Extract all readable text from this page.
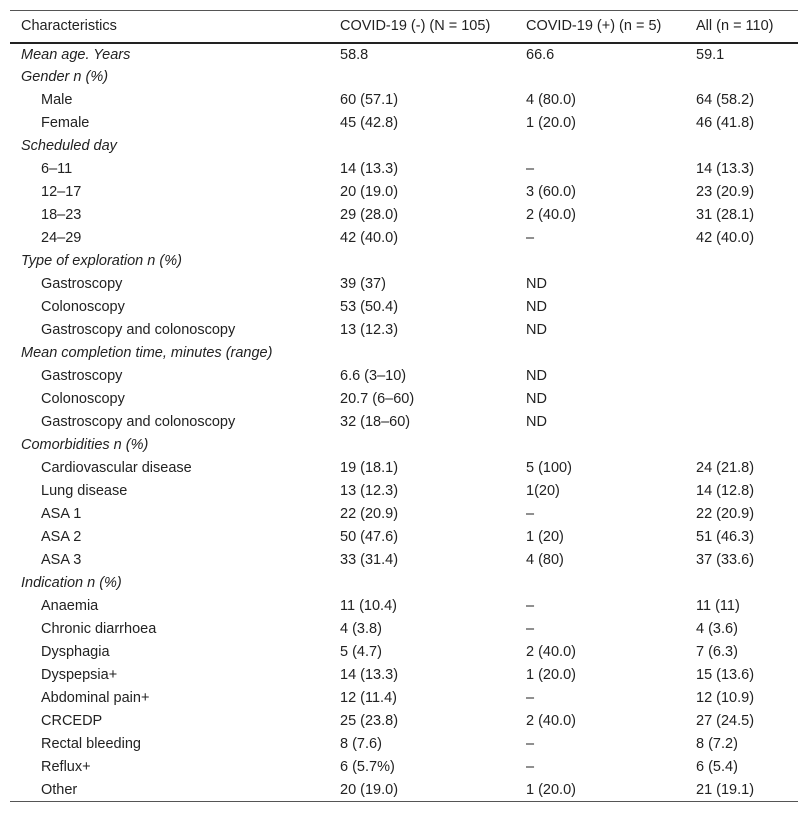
Characteristics	COVID-19 (-) (N = 105)	COVID-19 (+) (n = 5)	All (n = 110)
Mean age. Years	58.8	66.6	59.1
Gender n (%)			
Male	60 (57.1)	4 (80.0)	64 (58.2)
Female	45 (42.8)	1 (20.0)	46 (41.8)
Scheduled day			
6–11	14 (13.3)	–	14 (13.3)
12–17	20 (19.0)	3 (60.0)	23 (20.9)
18–23	29 (28.0)	2 (40.0)	31 (28.1)
24–29	42 (40.0)	–	42 (40.0)
Type of exploration n (%)			
Gastroscopy	39 (37)	ND	
Colonoscopy	53 (50.4)	ND	
Gastroscopy and colonoscopy	13 (12.3)	ND	
Mean completion time, minutes (range)			
Gastroscopy	6.6 (3–10)	ND	
Colonoscopy	20.7 (6–60)	ND	
Gastroscopy and colonoscopy	32 (18–60)	ND	
Comorbidities n (%)			
Cardiovascular disease	19 (18.1)	5 (100)	24 (21.8)
Lung disease	13 (12.3)	1(20)	14 (12.8)
ASA 1	22 (20.9)	–	22 (20.9)
ASA 2	50 (47.6)	1 (20)	51 (46.3)
ASA 3	33 (31.4)	4 (80)	37 (33.6)
Indication n (%)			
Anaemia	11 (10.4)	–	11 (11)
Chronic diarrhoea	4 (3.8)	–	4 (3.6)
Dysphagia	5 (4.7)	2 (40.0)	7 (6.3)
Dyspepsia+	14 (13.3)	1 (20.0)	15 (13.6)
Abdominal pain+	12 (11.4)	–	12 (10.9)
CRCEDP	25 (23.8)	2 (40.0)	27 (24.5)
Rectal bleeding	8 (7.6)	–	8 (7.2)
Reflux+	6 (5.7%)	–	6 (5.4)
Other	20 (19.0)	1 (20.0)	21 (19.1)
